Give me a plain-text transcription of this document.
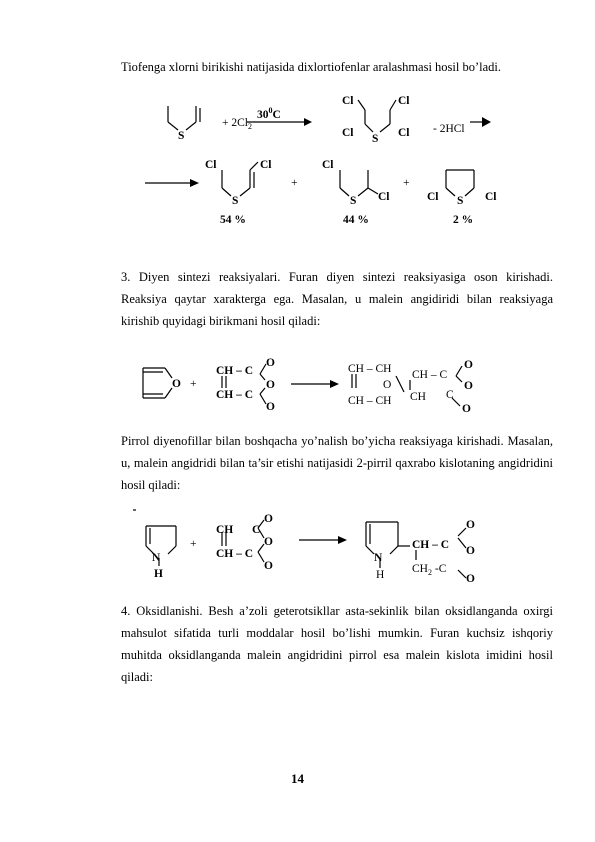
Tiofenga xlorni birikishi natijasida dixlortiofenlar aralashmasi hosil bo’ladi.
S
+ $2Cl_2$
$30^0C$
Cl	Cl
Cl S Cl - 2HCl
Cl	Cl
S
54 %
+
Cl
S Cl
44 %
+
Cl S Cl
2 %
3. Diyen sintezi reaksiyalari. Furan diyen sintezi reaksiyasiga oson kirishadi. Reaksiya qaytar xarakterga ega. Masalan, u malein angidiridi bilan reaksiyaga kirishib quyidagi birikmani hosil qiladi:
O +
CH – C
CH – C
O
O
O
CH – CH
O
CH – CH CH
CH – C
O
O
C
O
Pirrol diyenofillar bilan boshqacha yo’nalish bo’yicha reaksiyaga kirishadi. Masalan, u, malein angidridi bilan ta’sir etishi natijasidi 2-pirril qaxrabo kislotaning angidridini hosil qiladi:
N
H
+
CH
CH – C
C
O
O
O
N
H
CH – C
$CH_2$ -C
O
O
O
4. Oksidlanishi. Besh a’zoli geterotsikllar asta-sekinlik bilan oksidlanganda oxirgi mahsulot sifatida turli moddalar hosil bo’lishi mumkin. Furan kuchsiz ishqoriy muhitda oksidlanganda malein angidridini pirrol esa malein kislota imidini hosil qiladi:
14
